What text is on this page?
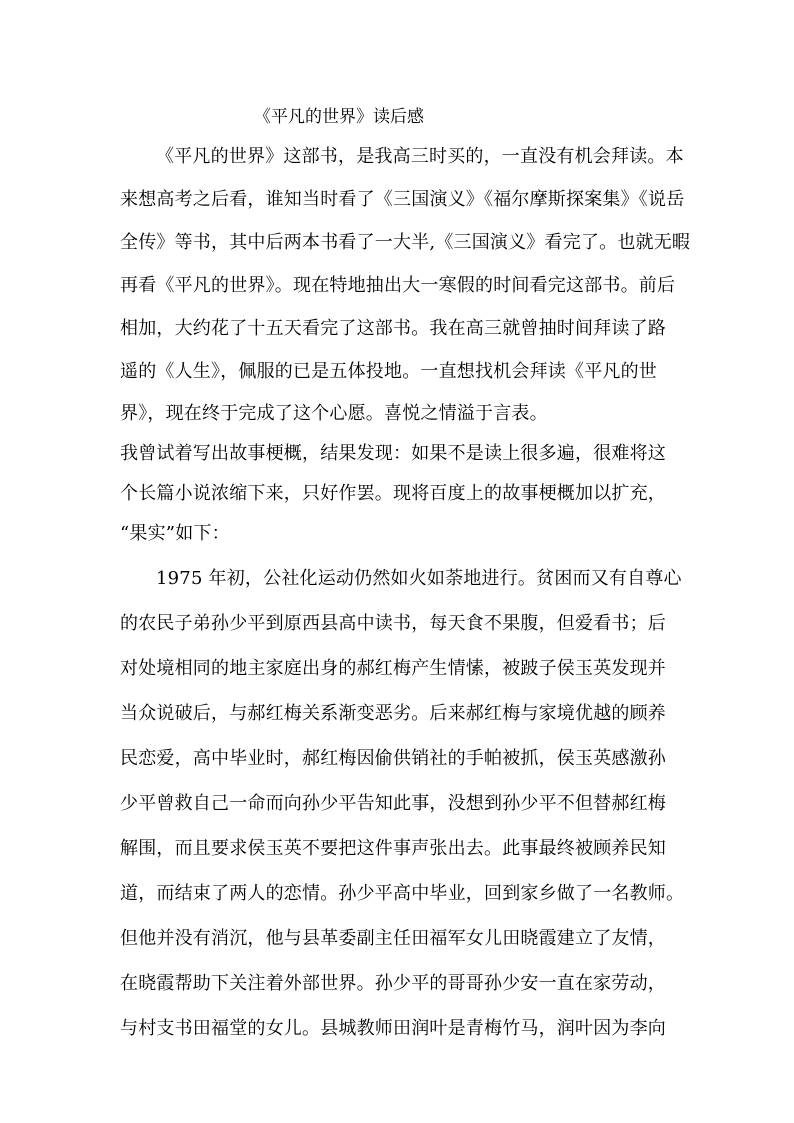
《平凡的世界》读后感
《平凡的世界》这部书，是我高三时买的，一直没有机会拜读。本
来想高考之后看，谁知当时看了《三国演义》《福尔摩斯探案集》《说岳
全传》等书，其中后两本书看了一大半,《三国演义》看完了。也就无暇
再看《平凡的世界》。现在特地抽出大一寒假的时间看完这部书。前后
相加，大约花了十五天看完了这部书。我在高三就曾抽时间拜读了路
遥的《人生》，佩服的已是五体投地。一直想找机会拜读《平凡的世
界》，现在终于完成了这个心愿。喜悦之情溢于言表。
我曾试着写出故事梗概，结果发现：如果不是读上很多遍，很难将这
个长篇小说浓缩下来，只好作罢。现将百度上的故事梗概加以扩充，
“果实”如下：
1975 年初，公社化运动仍然如火如荼地进行。贫困而又有自尊心
的农民子弟孙少平到原西县高中读书，每天食不果腹，但爱看书；后
对处境相同的地主家庭出身的郝红梅产生情愫，被跛子侯玉英发现并
当众说破后，与郝红梅关系渐变恶劣。后来郝红梅与家境优越的顾养
民恋爱，高中毕业时，郝红梅因偷供销社的手帕被抓，侯玉英感激孙
少平曾救自己一命而向孙少平告知此事，没想到孙少平不但替郝红梅
解围，而且要求侯玉英不要把这件事声张出去。此事最终被顾养民知
道，而结束了两人的恋情。孙少平高中毕业，回到家乡做了一名教师。
但他并没有消沉，他与县革委副主任田福军女儿田晓霞建立了友情，
在晓霞帮助下关注着外部世界。孙少平的哥哥孙少安一直在家劳动，
与村支书田福堂的女儿。县城教师田润叶是青梅竹马，润叶因为李向
